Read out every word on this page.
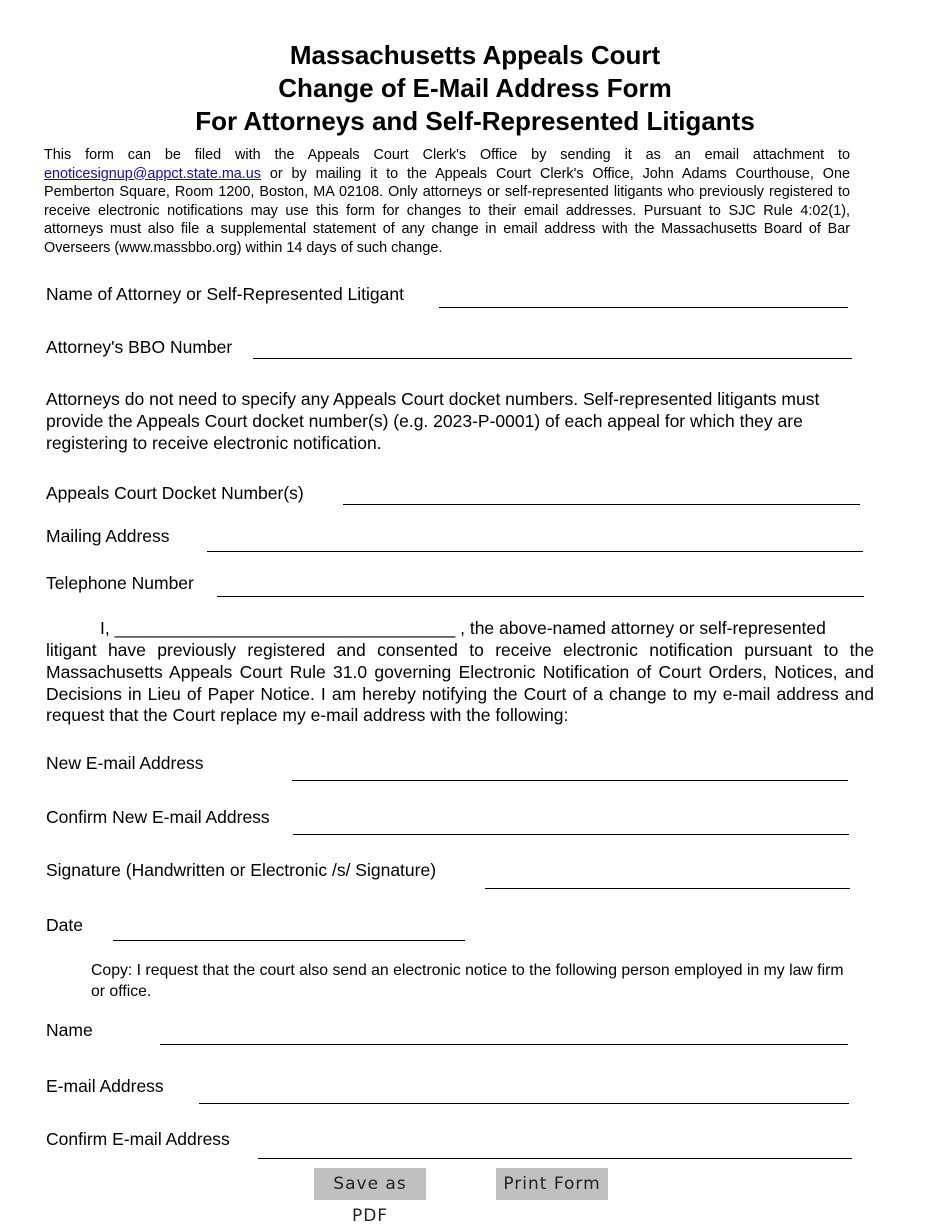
Massachusetts Appeals Court
Change of E-Mail Address Form
For Attorneys and Self-Represented Litigants
This form can be filed with the Appeals Court Clerk's Office by sending it as an email attachment to enoticesignup@appct.state.ma.us or by mailing it to the Appeals Court Clerk's Office, John Adams Courthouse, One Pemberton Square, Room 1200, Boston, MA 02108. Only attorneys or self-represented litigants who previously registered to receive electronic notifications may use this form for changes to their email addresses. Pursuant to SJC Rule 4:02(1), attorneys must also file a supplemental statement of any change in email address with the Massachusetts Board of Bar Overseers (www.massbbo.org) within 14 days of such change.
Name of Attorney or Self-Represented Litigant
Attorney's BBO Number
Attorneys do not need to specify any Appeals Court docket numbers. Self-represented litigants must provide the Appeals Court docket number(s) (e.g. 2023-P-0001) of each appeal for which they are registering to receive electronic notification.
Appeals Court Docket Number(s)
Mailing Address
Telephone Number
I, ___________________________________ , the above-named attorney or self-represented
litigant have previously registered and consented to receive electronic notification pursuant to the Massachusetts Appeals Court Rule 31.0 governing Electronic Notification of Court Orders, Notices, and Decisions in Lieu of Paper Notice. I am hereby notifying the Court of a change to my e-mail address and request that the Court replace my e-mail address with the following:
New E-mail Address
Confirm New E-mail Address
Signature (Handwritten or Electronic /s/ Signature)
Date
Copy: I request that the court also send an electronic notice to the following person employed in my law firm or office.
Name
E-mail Address
Confirm E-mail Address
Save as PDF
Print Form
